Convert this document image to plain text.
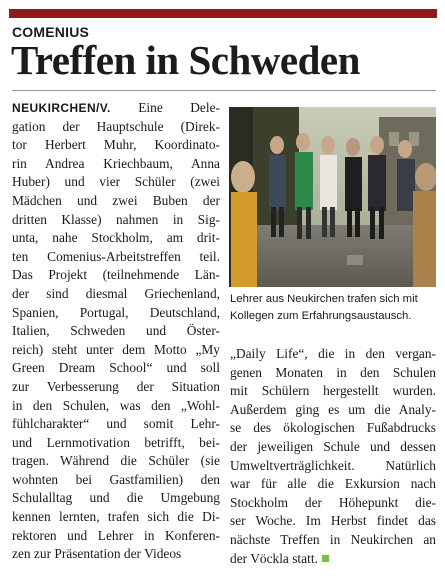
COMENIUS
Treffen in Schweden
NEUKIRCHEN/V. Eine Dele-
gation der Hauptschule (Direk-
tor Herbert Muhr, Koordinato-
rin Andrea Kriechbaum, Anna
Huber) und vier Schüler (zwei
Mädchen und zwei Buben der
dritten Klasse) nahmen in Sig-
unta, nahe Stockholm, am drit-
ten Comenius-Arbeitstreffen teil.
Das Projekt (teilnehmende Län-
der sind diesmal Griechenland,
Spanien, Portugal, Deutschland,
Italien, Schweden und Öster-
reich) steht unter dem Motto „My
Green Dream School“ und soll
zur Verbesserung der Situation
in den Schulen, was den „Wohl-
fühlcharakter“ und somit Lehr-
und Lernmotivation betrifft, bei-
tragen. Während die Schüler (sie
wohnten bei Gastfamilien) den
Schulalltag und die Umgebung
kennen lernten, trafen sich die Di-
rektoren und Lehrer in Konferen-
zen zur Präsentation der Videos
Lehrer aus Neukirchen trafen sich mit
Kollegen zum Erfahrungsaustausch.
„Daily Life“, die in den vergan-
genen Monaten in den Schulen
mit Schülern hergestellt wurden.
Außerdem ging es um die Analy-
se des ökologischen Fußabdrucks
der jeweiligen Schule und dessen
Umweltverträglichkeit. Natürlich
war für alle die Exkursion nach
Stockholm der Höhepunkt die-
ser Woche. Im Herbst findet das
nächste Treffen in Neukirchen an
der Vöckla statt.
